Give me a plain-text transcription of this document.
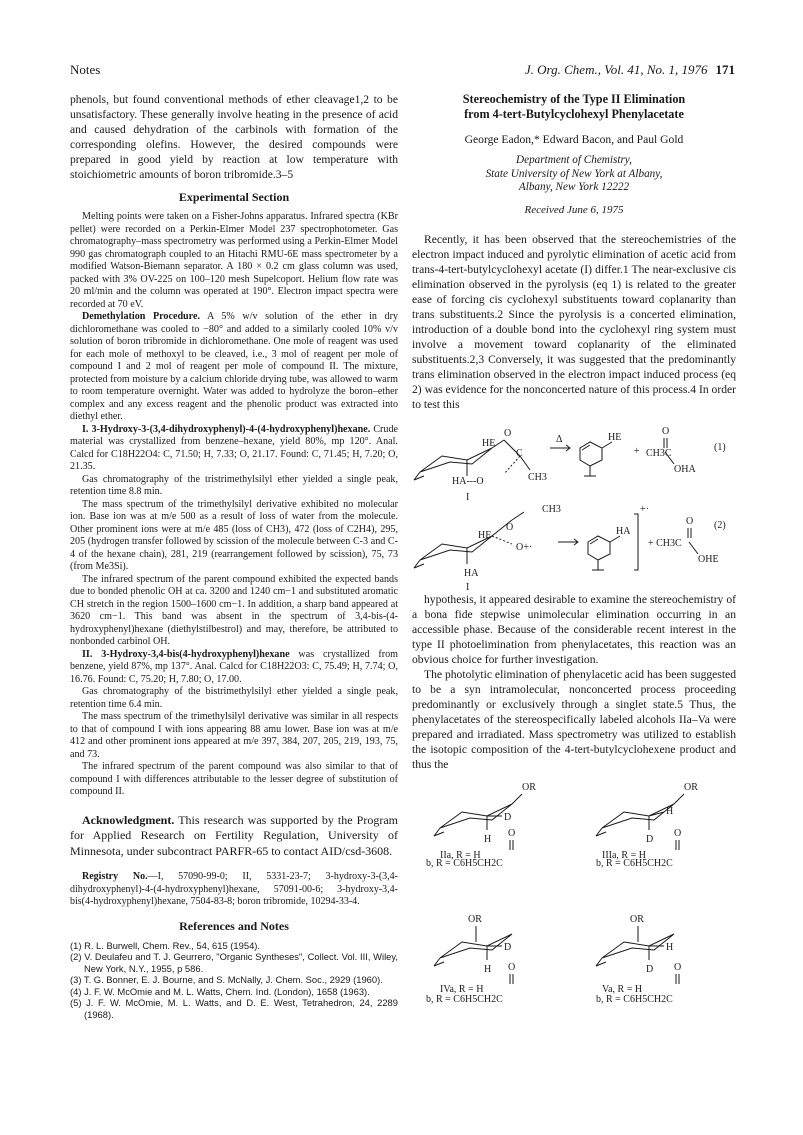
Notes	J. Org. Chem., Vol. 41, No. 1, 1976 171

phenols, but found conventional methods of ether cleavage1,2 to be unsatisfactory. These generally involve heating in the presence of acid and caused dehydration of the carbinols with formation of the corresponding olefins. However, the desired compounds were prepared in good yield by reaction at low temperature with stoichiometric amounts of boron tribromide.3–5

Experimental Section

Melting points were taken on a Fisher-Johns apparatus. Infrared spectra (KBr pellet) were recorded on a Perkin-Elmer Model 237 spectrophotometer. Gas chromatography–mass spectrometry was performed using a Perkin-Elmer Model 990 gas chromatograph coupled to an Hitachi RMU-6E mass spectrometer by a modified Watson-Biemann separator. A 180 × 0.2 cm glass column was used, packed with 3% OV-225 on 100–120 mesh Supelcoport. Helium flow rate was 20 ml/min and the column was operated at 190°. Electron impact spectra were recorded at 70 eV.

Demethylation Procedure. A 5% w/v solution of the ether in dry dichloromethane was cooled to −80° and added to a similarly cooled 10% v/v solution of boron tribromide in dichloromethane. One mole of reagent was used for each mole of methoxyl to be cleaved, i.e., 3 mol of reagent per mole of compound I and 2 mol of reagent per mole of compound II. The mixture, protected from moisture by a calcium chloride drying tube, was allowed to warm to room temperature overnight. Water was added to hydrolyze the boron–ether complex and any excess reagent and the phenolic product was extracted into diethyl ether.

I. 3-Hydroxy-3-(3,4-dihydroxyphenyl)-4-(4-hydroxyphenyl)hexane. Crude material was crystallized from benzene–hexane, yield 80%, mp 120°. Anal. Calcd for C18H22O4: C, 71.50; H, 7.33; O, 21.17. Found: C, 71.45; H, 7.20; O, 21.35.

Gas chromatography of the tristrimethylsilyl ether yielded a single peak, retention time 8.8 min.

The mass spectrum of the trimethylsilyl derivative exhibited no molecular ion. Base ion was at m/e 500 as a result of loss of water from the molecule. Other prominent ions were at m/e 485 (loss of CH3), 472 (loss of C2H4), 295, 205 (hydrogen transfer followed by scission of the molecule between C-3 and C-4 of the hexane chain), 281, 219 (rearrangement followed by scission), 75, 73 (from Me3Si).

The infrared spectrum of the parent compound exhibited the expected bands due to bonded phenolic OH at ca. 3200 and 1240 cm−1 and substituted aromatic CH stretch in the region 1500–1600 cm−1. In addition, a sharp band appeared at 3620 cm−1. This band was absent in the spectrum of 3,4-bis-(4-hydroxyphenyl)hexane (diethylstilbestrol) and may, therefore, be attributed to nonbonded carbinol OH.

II. 3-Hydroxy-3,4-bis(4-hydroxyphenyl)hexane was crystallized from benzene, yield 87%, mp 137°. Anal. Calcd for C18H22O3: C, 75.49; H, 7.74; O, 16.76. Found: C, 75.20; H, 7.80; O, 17.00.

Gas chromatography of the bistrimethylsilyl ether yielded a single peak, retention time 6.4 min.

The mass spectrum of the trimethylsilyl derivative was similar in all respects to that of compound I with ions appearing 88 amu lower. Base ion was at m/e 412 and other prominent ions appeared at m/e 397, 384, 207, 205, 219, 193, 75, and 73.

The infrared spectrum of the parent compound was also similar to that of compound I with differences attributable to the lesser degree of substitution of compound II.

Acknowledgment. This research was supported by the Program for Applied Research on Fertility Regulation, University of Minnesota, under subcontract PARFR-65 to contact AID/csd-3608.

Registry No.—I, 57090-99-0; II, 5331-23-7; 3-hydroxy-3-(3,4-dihydroxyphenyl)-4-(4-hydroxyphenyl)hexane, 57091-00-6; 3-hydroxy-3,4-bis(4-hydroxyphenyl)hexane, 7504-83-8; boron tribromide, 10294-33-4.

References and Notes
(1) R. L. Burwell, Chem. Rev., 54, 615 (1954).
(2) V. Deulafeu and T. J. Geurrero, "Organic Syntheses", Collect. Vol. III, Wiley, New York, N.Y., 1955, p 586.
(3) T. G. Bonner, E. J. Bourne, and S. McNally, J. Chem. Soc., 2929 (1960).
(4) J. F. W. McOmie and M. L. Watts, Chem. Ind. (London), 1658 (1963).
(5) J. F. W. McOmie, M. L. Watts, and D. E. West, Tetrahedron, 24, 2289 (1968).
Stereochemistry of the Type II Elimination
from 4-tert-Butylcyclohexyl Phenylacetate
George Eadon,* Edward Bacon, and Paul Gold
Department of Chemistry,
State University of New York at Albany,
Albany, New York 12222
Received June 6, 1975

Recently, it has been observed that the stereochemistries of the electron impact induced and pyrolytic elimination of acetic acid from trans-4-tert-butylcyclohexyl acetate (I) differ.1 The near-exclusive cis elimination observed in the pyrolysis (eq 1) is related to the greater ease of forcing cis cyclohexyl substituents toward coplanarity than trans substituents.2 Since the pyrolysis is a concerted elimination, introduction of a double bond into the cyclohexyl ring system must involve a movement toward coplanarity of the eliminated substituents.2,3 Conversely, it was suggested that the predominantly trans elimination observed in the electron impact induced process (eq 2) was evidence for the nonconcerted nature of this process.4 In order to test this

HE
O
C
HA---O	CH3
I
Δ	HE
+
O
CH3C
OHA
(1)
CH3
O
HE
O+·
HA
I
HA
+·
+ CH3C
O
OHE
(2)

hypothesis, it appeared desirable to examine the stereochemistry of a bona fide stepwise unimolecular elimination occurring in an accessible phase. Because of the considerable recent interest in the type II photoelimination from phenylacetates, this reaction was an obvious choice for further investigation.

The photolytic elimination of phenylacetic acid has been suggested to be a syn intramolecular, nonconcerted process proceeding predominantly or exclusively through a singlet state.5 Thus, the phenylacetates of the stereospecifically labeled alcohols IIa–Va were prepared and irradiated. Mass spectrometry was utilized to establish the isotopic composition of the 4-tert-butylcyclohexene product and thus the

OR
D
H
IIa, R = H
O
b, R = C6H5CH2C
OR
H
D
IIIa, R = H
O
b, R = C6H5CH2C
OR
D
H
IVa, R = H
O
b, R = C6H5CH2C
OR
H
D
Va, R = H
O
b, R = C6H5CH2C
